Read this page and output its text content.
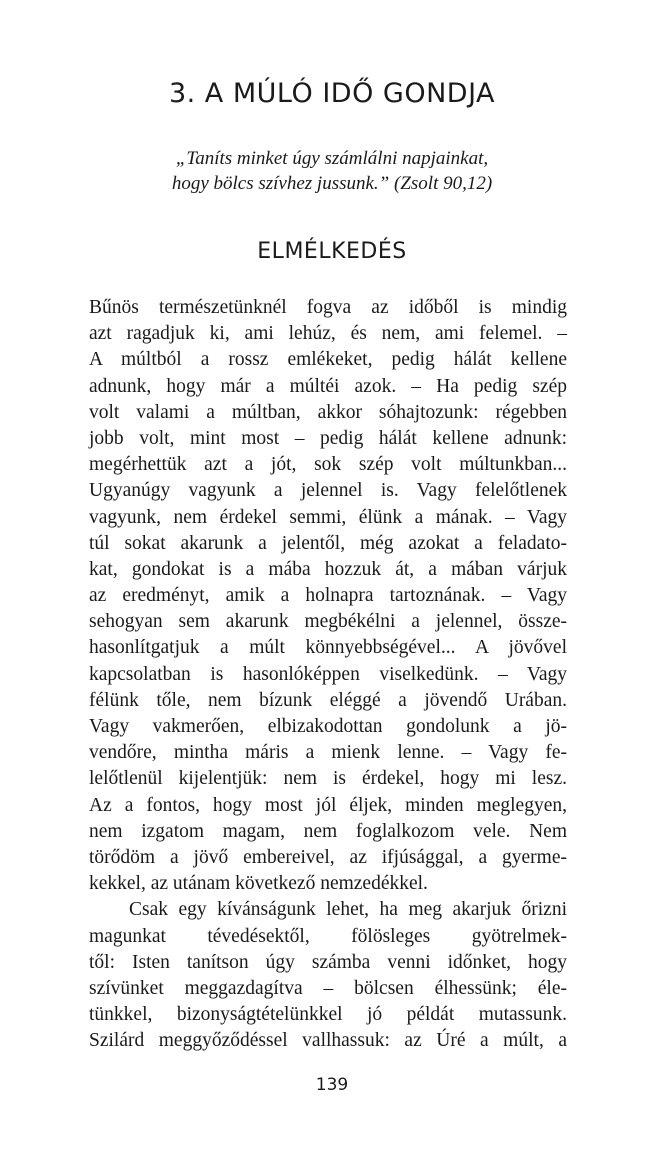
3. A MÚLÓ IDŐ GONDJA
„Taníts minket úgy számlálni napjainkat,
hogy bölcs szívhez jussunk.” (Zsolt 90,12)
ELMÉLKEDÉS
Bűnös természetünknél fogva az időből is mindig
azt ragadjuk ki, ami lehúz, és nem, ami felemel. –
A múltból a rossz emlékeket, pedig hálát kellene
adnunk, hogy már a múltéi azok. – Ha pedig szép
volt valami a múltban, akkor sóhajtozunk: régebben
jobb volt, mint most – pedig hálát kellene adnunk:
megérhettük azt a jót, sok szép volt múltunkban...
Ugyanúgy vagyunk a jelennel is. Vagy felelőtlenek
vagyunk, nem érdekel semmi, élünk a mának. – Vagy
túl sokat akarunk a jelentől, még azokat a feladato-
kat, gondokat is a mába hozzuk át, a mában várjuk
az eredményt, amik a holnapra tartoznának. – Vagy
sehogyan sem akarunk megbékélni a jelennel, össze-
hasonlítgatjuk a múlt könnyebbségével... A jövővel
kapcsolatban is hasonlóképpen viselkedünk. – Vagy
félünk tőle, nem bízunk eléggé a jövendő Urában.
Vagy vakmerően, elbizakodottan gondolunk a jö-
vendőre, mintha máris a mienk lenne. – Vagy fe-
lelőtlenül kijelentjük: nem is érdekel, hogy mi lesz.
Az a fontos, hogy most jól éljek, minden meglegyen,
nem izgatom magam, nem foglalkozom vele. Nem
törődöm a jövő embereivel, az ifjúsággal, a gyerme-
kekkel, az utánam következő nemzedékkel.
Csak egy kívánságunk lehet, ha meg akarjuk őrizni
magunkat tévedésektől, fölösleges gyötrelmek-
től: Isten tanítson úgy számba venni időnket, hogy
szívünket meggazdagítva – bölcsen élhessünk; éle-
tünkkel, bizonyságtételünkkel jó példát mutassunk.
Szilárd meggyőződéssel vallhassuk: az Úré a múlt, a
139
